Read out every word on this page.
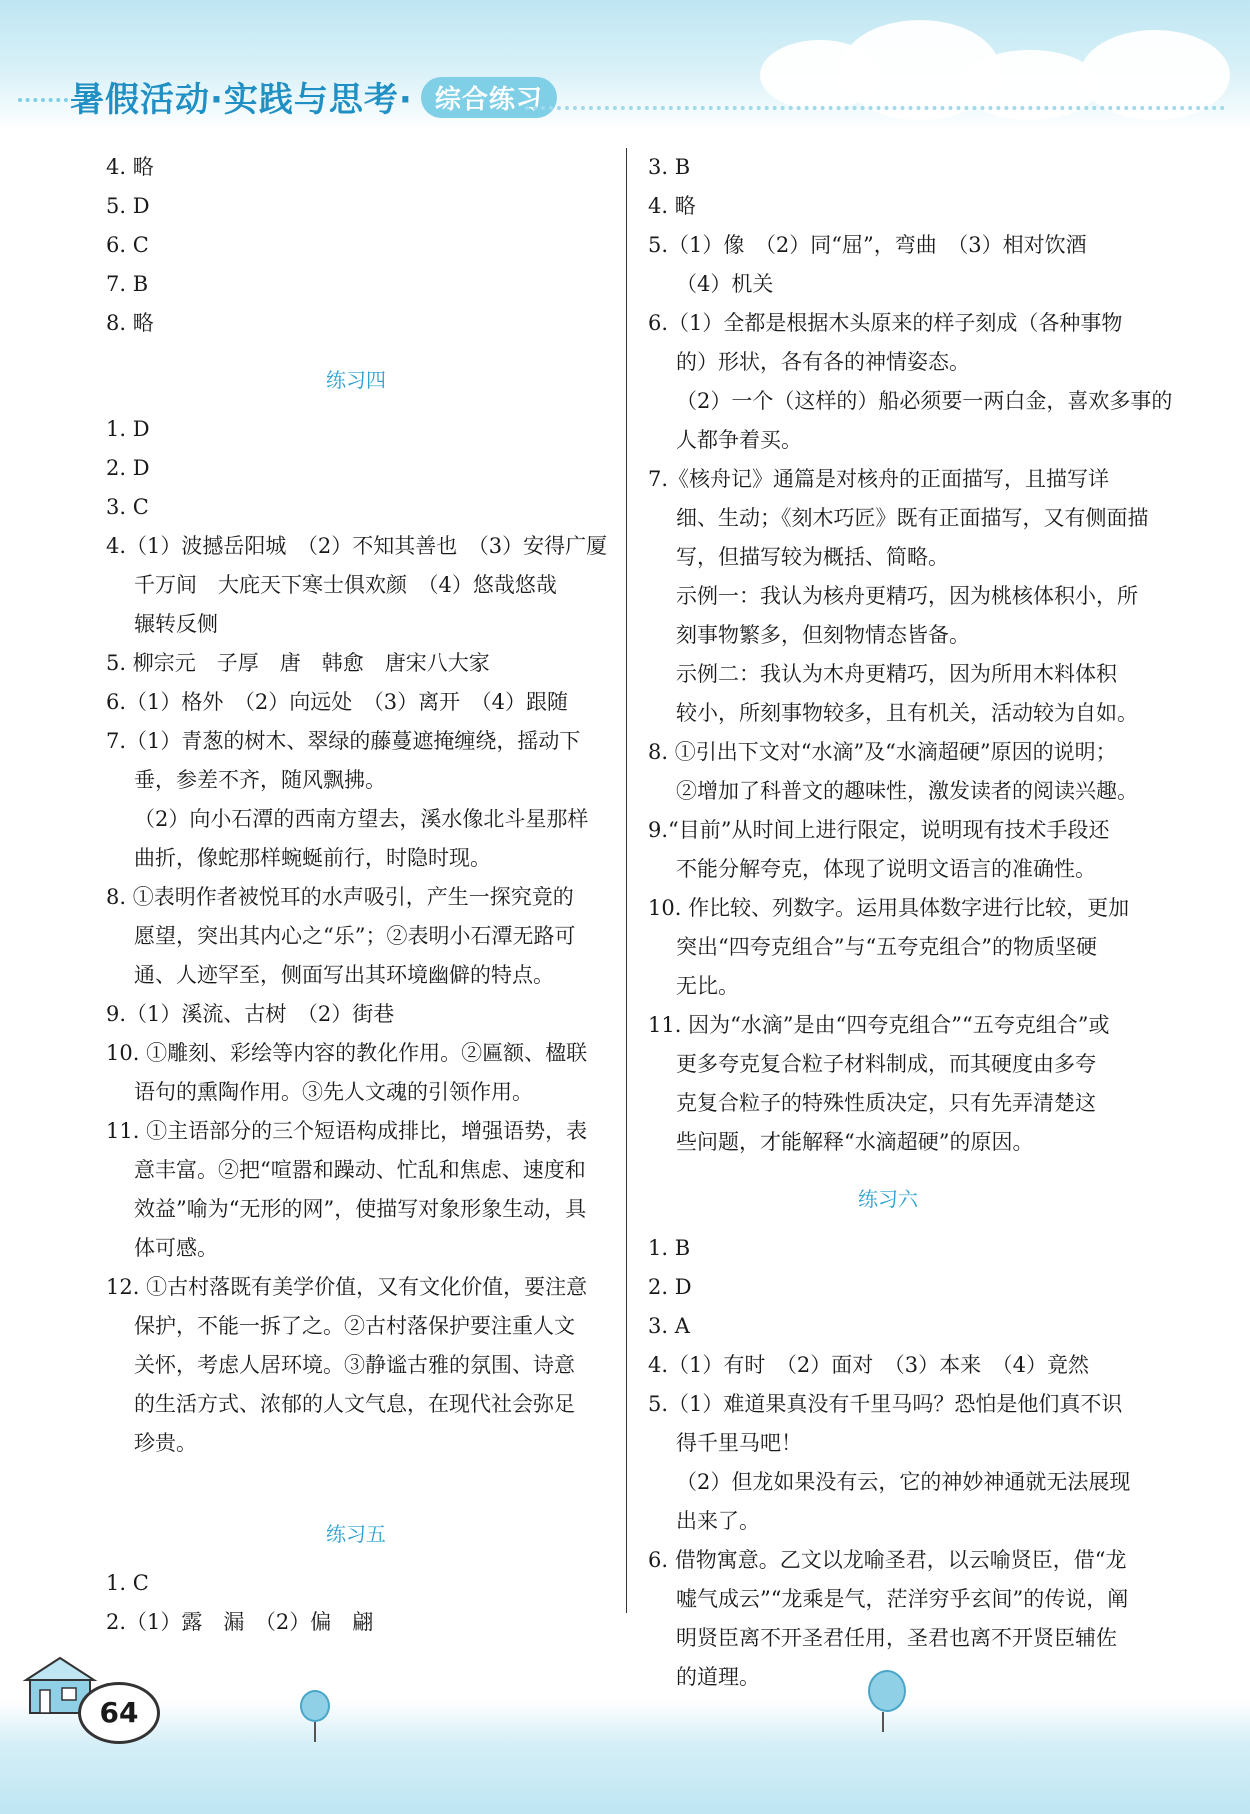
暑假活动·实践与思考· 综合练习
4. 略
5. D
6. C
7. B
8. 略
练习四
1. D
2. D
3. C
4.（1）波撼岳阳城　（2）不知其善也　（3）安得广厦
千万间　大庇天下寒士俱欢颜　（4）悠哉悠哉
辗转反侧
5. 柳宗元　子厚　唐　韩愈　唐宋八大家
6.（1）格外　（2）向远处　（3）离开　（4）跟随
7.（1）青葱的树木、翠绿的藤蔓遮掩缠绕，摇动下
垂，参差不齐，随风飘拂。
（2）向小石潭的西南方望去，溪水像北斗星那样
曲折，像蛇那样蜿蜒前行，时隐时现。
8. ①表明作者被悦耳的水声吸引，产生一探究竟的
愿望，突出其内心之“乐”；②表明小石潭无路可
通、人迹罕至，侧面写出其环境幽僻的特点。
9.（1）溪流、古树　（2）街巷
10. ①雕刻、彩绘等内容的教化作用。②匾额、楹联
语句的熏陶作用。③先人文魂的引领作用。
11. ①主语部分的三个短语构成排比，增强语势，表
意丰富。②把“喧嚣和躁动、忙乱和焦虑、速度和
效益”喻为“无形的网”，使描写对象形象生动，具
体可感。
12. ①古村落既有美学价值，又有文化价值，要注意
保护，不能一拆了之。②古村落保护要注重人文
关怀，考虑人居环境。③静谧古雅的氛围、诗意
的生活方式、浓郁的人文气息，在现代社会弥足
珍贵。
练习五
1. C
2.（1）露　漏　（2）偏　翩
3. B
4. 略
5.（1）像　（2）同“屈”，弯曲　（3）相对饮酒
（4）机关
6.（1）全都是根据木头原来的样子刻成（各种事物
的）形状，各有各的神情姿态。
（2）一个（这样的）船必须要一两白金，喜欢多事的
人都争着买。
7.《核舟记》通篇是对核舟的正面描写，且描写详
细、生动；《刻木巧匠》既有正面描写，又有侧面描
写，但描写较为概括、简略。
示例一：我认为核舟更精巧，因为桃核体积小，所
刻事物繁多，但刻物情态皆备。
示例二：我认为木舟更精巧，因为所用木料体积
较小，所刻事物较多，且有机关，活动较为自如。
8. ①引出下文对“水滴”及“水滴超硬”原因的说明；
②增加了科普文的趣味性，激发读者的阅读兴趣。
9.“目前”从时间上进行限定，说明现有技术手段还
不能分解夸克，体现了说明文语言的准确性。
10. 作比较、列数字。运用具体数字进行比较，更加
突出“四夸克组合”与“五夸克组合”的物质坚硬
无比。
11. 因为“水滴”是由“四夸克组合”“五夸克组合”或
更多夸克复合粒子材料制成，而其硬度由多夸
克复合粒子的特殊性质决定，只有先弄清楚这
些问题，才能解释“水滴超硬”的原因。
练习六
1. B
2. D
3. A
4.（1）有时　（2）面对　（3）本来　（4）竟然
5.（1）难道果真没有千里马吗？恐怕是他们真不识
得千里马吧！
（2）但龙如果没有云，它的神妙神通就无法展现
出来了。
6. 借物寓意。乙文以龙喻圣君，以云喻贤臣，借“龙
嘘气成云”“龙乘是气，茫洋穷乎玄间”的传说，阐
明贤臣离不开圣君任用，圣君也离不开贤臣辅佐
的道理。
64
